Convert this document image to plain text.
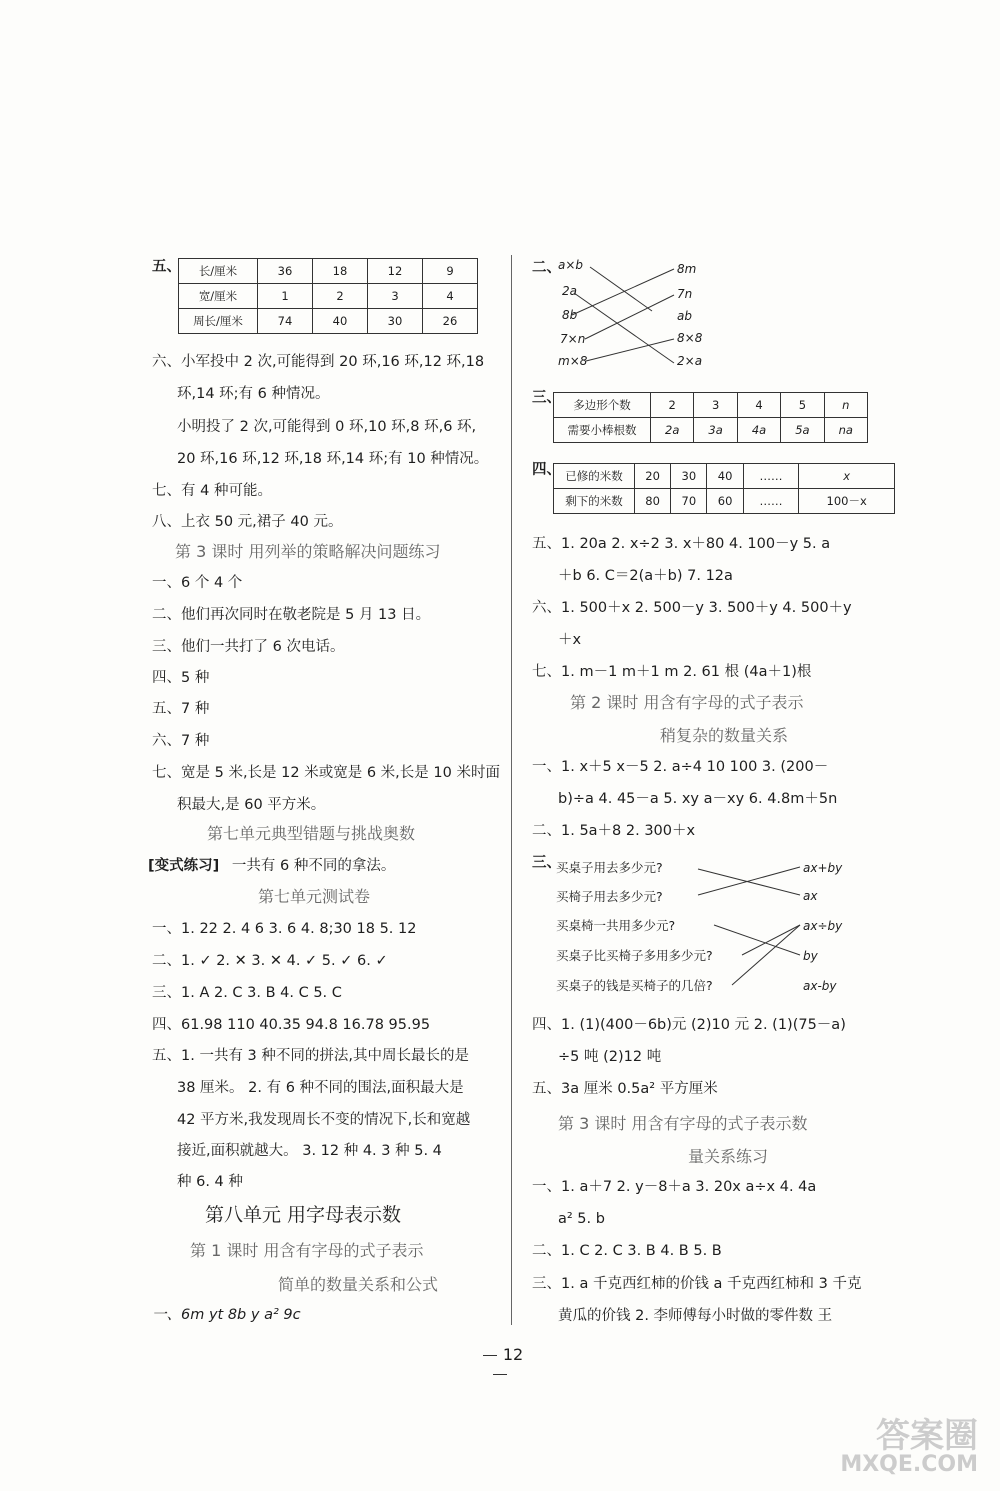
五、 长/厘米	36	18	12	9
宽/厘米	1	2	3	4
周长/厘米	74	40	30	26
六、小军投中 2 次,可能得到 20 环,16 环,12 环,18
环,14 环;有 6 种情况。
小明投了 2 次,可能得到 0 环,10 环,8 环,6 环,
20 环,16 环,12 环,18 环,14 环;有 10 种情况。
七、有 4 种可能。
八、上衣 50 元,裙子 40 元。
第 3 课时 用列举的策略解决问题练习
一、6 个 4 个
二、他们再次同时在敬老院是 5 月 13 日。
三、他们一共打了 6 次电话。
四、5 种
五、7 种
六、7 种
七、宽是 5 米,长是 12 米或宽是 6 米,长是 10 米时面
积最大,是 60 平方米。
第七单元典型错题与挑战奥数
[变式练习] 一共有 6 种不同的拿法。
第七单元测试卷
一、1. 22 2. 4 6 3. 6 4. 8;30 18 5. 12
二、1. ✓ 2. ✕ 3. ✕ 4. ✓ 5. ✓ 6. ✓
三、1. A 2. C 3. B 4. C 5. C
四、61.98 110 40.35 94.8 16.78 95.95
五、1. 一共有 3 种不同的拼法,其中周长最长的是
38 厘米。 2. 有 6 种不同的围法,面积最大是
42 平方米,我发现周长不变的情况下,长和宽越
接近,面积就越大。 3. 12 种 4. 3 种 5. 4
种 6. 4 种
第八单元 用字母表示数
第 1 课时 用含有字母的式子表示
简单的数量关系和公式
一、6m yt 8b y a² 9c
二、
a×b
2a
8b
7×n
m×8
8m
7n
ab
8×8
2×a
三、 多边形个数	2	3	4	5	n
需要小棒根数	2a	3a	4a	5a	na
四、 已修的米数	20	30	40	……	x
剩下的米数	80	70	60	……	100－x
五、1. 20a 2. x÷2 3. x＋80 4. 100－y 5. a
＋b 6. C＝2(a＋b) 7. 12a
六、1. 500＋x 2. 500－y 3. 500＋y 4. 500＋y
＋x
七、1. m－1 m＋1 m 2. 61 根 (4a＋1)根
第 2 课时 用含有字母的式子表示
稍复杂的数量关系
一、1. x＋5 x－5 2. a÷4 10 100 3. (200－
b)÷a 4. 45－a 5. xy a－xy 6. 4.8m＋5n
二、1. 5a＋8 2. 300＋x
三、
买桌子用去多少元?
买椅子用去多少元?
买桌椅一共用多少元?
买桌子比买椅子多用多少元?
买桌子的钱是买椅子的几倍?
ax+by
ax
ax÷by
by
ax-by
四、1. (1)(400－6b)元 (2)10 元 2. (1)(75－a)
÷5 吨 (2)12 吨
五、3a 厘米 0.5a² 平方厘米
第 3 课时 用含有字母的式子表示数
量关系练习
一、1. a＋7 2. y－8＋a 3. 20x a÷x 4. 4a
a² 5. b
二、1. C 2. C 3. B 4. B 5. B
三、1. a 千克西红柿的价钱 a 千克西红柿和 3 千克
黄瓜的价钱 2. 李师傅每小时做的零件数 王
12
答案圈
MXQE.COM
